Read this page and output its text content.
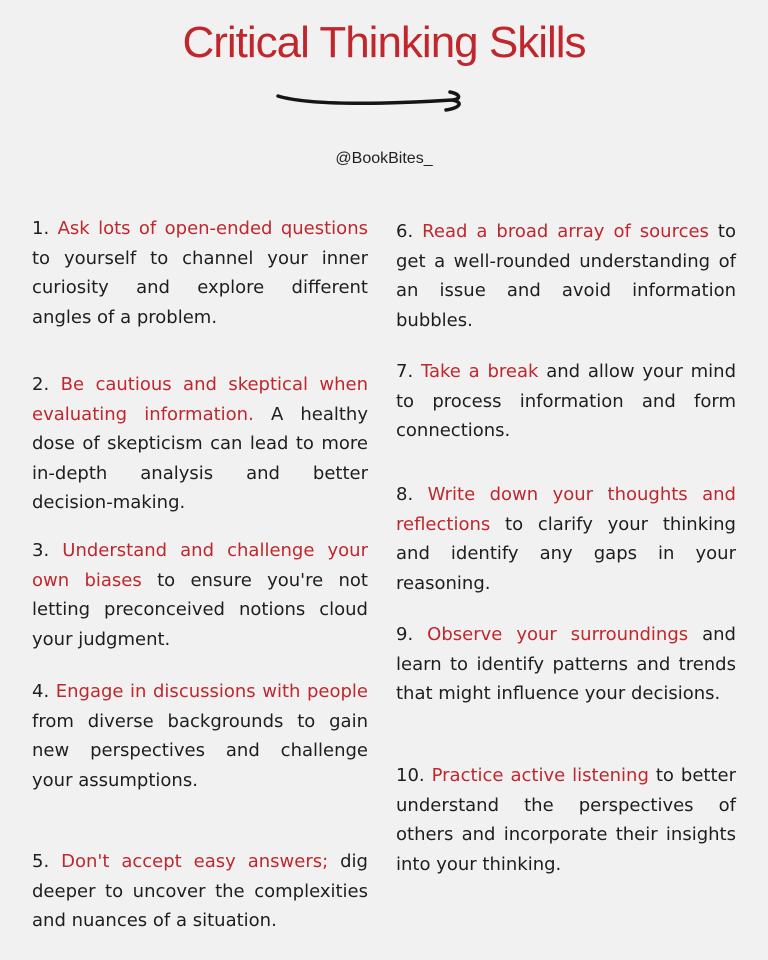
Critical Thinking Skills
@BookBites_
1. Ask lots of open-ended questions to yourself to channel your inner curiosity and explore different angles of a problem.
2. Be cautious and skeptical when evaluating information. A healthy dose of skepticism can lead to more in-depth analysis and better decision-making.
3. Understand and challenge your own biases to ensure you're not letting preconceived notions cloud your judgment.
4. Engage in discussions with people from diverse backgrounds to gain new perspectives and challenge your assumptions.
5. Don't accept easy answers; dig deeper to uncover the complexities and nuances of a situation.
6. Read a broad array of sources to get a well-rounded understanding of an issue and avoid information bubbles.
7. Take a break and allow your mind to process information and form connections.
8. Write down your thoughts and reflections to clarify your thinking and identify any gaps in your reasoning.
9. Observe your surroundings and learn to identify patterns and trends that might influence your decisions.
10. Practice active listening to better understand the perspectives of others and incorporate their insights into your thinking.
